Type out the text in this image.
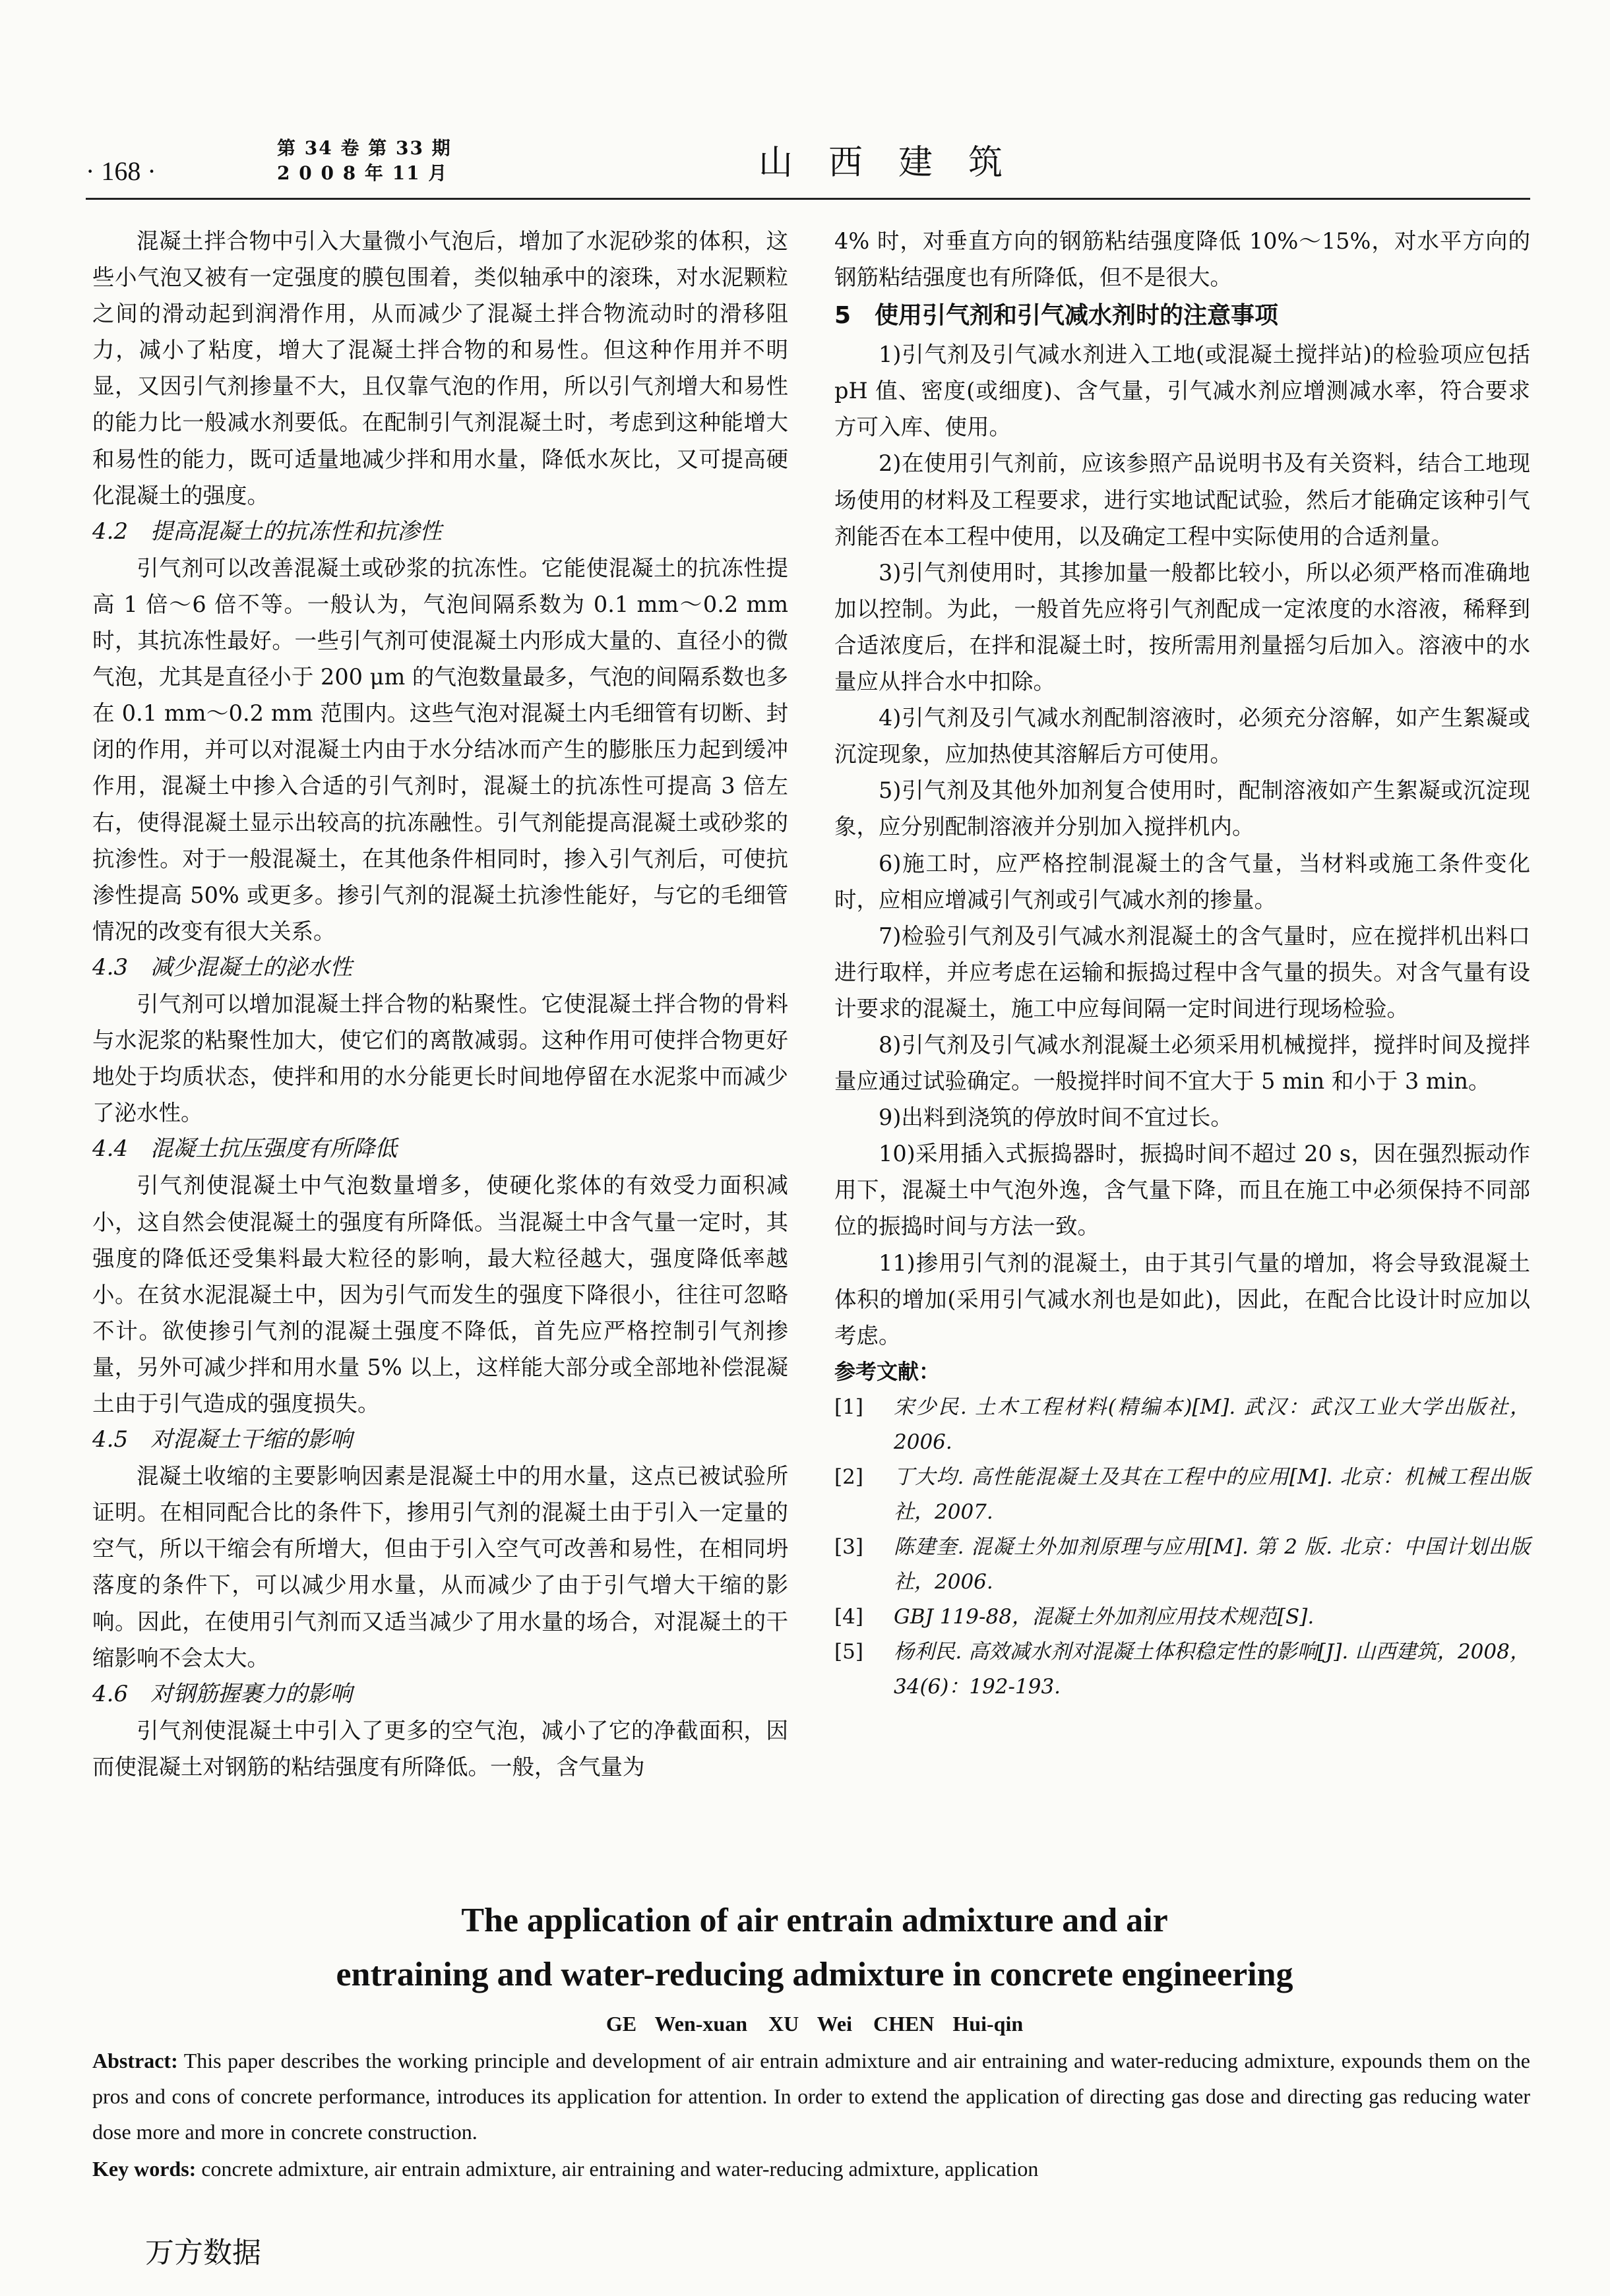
· 168 ·
第 34 卷 第 33 期
2 0 0 8 年 11 月	山西建筑

混凝土拌合物中引入大量微小气泡后，增加了水泥砂浆的体积，这些小气泡又被有一定强度的膜包围着，类似轴承中的滚珠，对水泥颗粒之间的滑动起到润滑作用，从而减少了混凝土拌合物流动时的滑移阻力，减小了粘度，增大了混凝土拌合物的和易性。但这种作用并不明显，又因引气剂掺量不大，且仅靠气泡的作用，所以引气剂增大和易性的能力比一般减水剂要低。在配制引气剂混凝土时，考虑到这种能增大和易性的能力，既可适量地减少拌和用水量，降低水灰比，又可提高硬化混凝土的强度。

4.2　提高混凝土的抗冻性和抗渗性

引气剂可以改善混凝土或砂浆的抗冻性。它能使混凝土的抗冻性提高 1 倍～6 倍不等。一般认为，气泡间隔系数为 0.1 mm～0.2 mm 时，其抗冻性最好。一些引气剂可使混凝土内形成大量的、直径小的微气泡，尤其是直径小于 200 μm 的气泡数量最多，气泡的间隔系数也多在 0.1 mm～0.2 mm 范围内。这些气泡对混凝土内毛细管有切断、封闭的作用，并可以对混凝土内由于水分结冰而产生的膨胀压力起到缓冲作用，混凝土中掺入合适的引气剂时，混凝土的抗冻性可提高 3 倍左右，使得混凝土显示出较高的抗冻融性。引气剂能提高混凝土或砂浆的抗渗性。对于一般混凝土，在其他条件相同时，掺入引气剂后，可使抗渗性提高 50% 或更多。掺引气剂的混凝土抗渗性能好，与它的毛细管情况的改变有很大关系。

4.3　减少混凝土的泌水性

引气剂可以增加混凝土拌合物的粘聚性。它使混凝土拌合物的骨料与水泥浆的粘聚性加大，使它们的离散减弱。这种作用可使拌合物更好地处于均质状态，使拌和用的水分能更长时间地停留在水泥浆中而减少了泌水性。

4.4　混凝土抗压强度有所降低

引气剂使混凝土中气泡数量增多，使硬化浆体的有效受力面积减小，这自然会使混凝土的强度有所降低。当混凝土中含气量一定时，其强度的降低还受集料最大粒径的影响，最大粒径越大，强度降低率越小。在贫水泥混凝土中，因为引气而发生的强度下降很小，往往可忽略不计。欲使掺引气剂的混凝土强度不降低，首先应严格控制引气剂掺量，另外可减少拌和用水量 5% 以上，这样能大部分或全部地补偿混凝土由于引气造成的强度损失。

4.5　对混凝土干缩的影响

混凝土收缩的主要影响因素是混凝土中的用水量，这点已被试验所证明。在相同配合比的条件下，掺用引气剂的混凝土由于引入一定量的空气，所以干缩会有所增大，但由于引入空气可改善和易性，在相同坍落度的条件下，可以减少用水量，从而减少了由于引气增大干缩的影响。因此，在使用引气剂而又适当减少了用水量的场合，对混凝土的干缩影响不会太大。

4.6　对钢筋握裹力的影响

引气剂使混凝土中引入了更多的空气泡，减小了它的净截面积，因而使混凝土对钢筋的粘结强度有所降低。一般，含气量为

4% 时，对垂直方向的钢筋粘结强度降低 10%～15%，对水平方向的钢筋粘结强度也有所降低，但不是很大。

5　使用引气剂和引气减水剂时的注意事项

1)引气剂及引气减水剂进入工地(或混凝土搅拌站)的检验项应包括 pH 值、密度(或细度)、含气量，引气减水剂应增测减水率，符合要求方可入库、使用。

2)在使用引气剂前，应该参照产品说明书及有关资料，结合工地现场使用的材料及工程要求，进行实地试配试验，然后才能确定该种引气剂能否在本工程中使用，以及确定工程中实际使用的合适剂量。

3)引气剂使用时，其掺加量一般都比较小，所以必须严格而准确地加以控制。为此，一般首先应将引气剂配成一定浓度的水溶液，稀释到合适浓度后，在拌和混凝土时，按所需用剂量摇匀后加入。溶液中的水量应从拌合水中扣除。

4)引气剂及引气减水剂配制溶液时，必须充分溶解，如产生絮凝或沉淀现象，应加热使其溶解后方可使用。

5)引气剂及其他外加剂复合使用时，配制溶液如产生絮凝或沉淀现象，应分别配制溶液并分别加入搅拌机内。

6)施工时，应严格控制混凝土的含气量，当材料或施工条件变化时，应相应增减引气剂或引气减水剂的掺量。

7)检验引气剂及引气减水剂混凝土的含气量时，应在搅拌机出料口进行取样，并应考虑在运输和振捣过程中含气量的损失。对含气量有设计要求的混凝土，施工中应每间隔一定时间进行现场检验。

8)引气剂及引气减水剂混凝土必须采用机械搅拌，搅拌时间及搅拌量应通过试验确定。一般搅拌时间不宜大于 5 min 和小于 3 min。

9)出料到浇筑的停放时间不宜过长。

10)采用插入式振捣器时，振捣时间不超过 20 s，因在强烈振动作用下，混凝土中气泡外逸，含气量下降，而且在施工中必须保持不同部位的振捣时间与方法一致。

11)掺用引气剂的混凝土，由于其引气量的增加，将会导致混凝土体积的增加(采用引气减水剂也是如此)，因此，在配合比设计时应加以考虑。

参考文献：
[1]	宋少民. 土木工程材料(精编本)[M]. 武汉：武汉工业大学出版社，2006.
[2]	丁大均. 高性能混凝土及其在工程中的应用[M]. 北京：机械工程出版社，2007.
[3]	陈建奎. 混凝土外加剂原理与应用[M]. 第 2 版. 北京：中国计划出版社，2006.
[4]	GBJ 119-88，混凝土外加剂应用技术规范[S].
[5]	杨利民. 高效减水剂对混凝土体积稳定性的影响[J]. 山西建筑，2008，34(6)：192-193.
The application of air entrain admixture and air
entraining and water-reducing admixture in concrete engineering
GE Wen-xuan　XU Wei　CHEN Hui-qin
Abstract: This paper describes the working principle and development of air entrain admixture and air entraining and water-reducing admixture, expounds them on the pros and cons of concrete performance, introduces its application for attention. In order to extend the application of directing gas dose and directing gas reducing water dose more and more in concrete construction.
Key words: concrete admixture, air entrain admixture, air entraining and water-reducing admixture, application
万方数据
